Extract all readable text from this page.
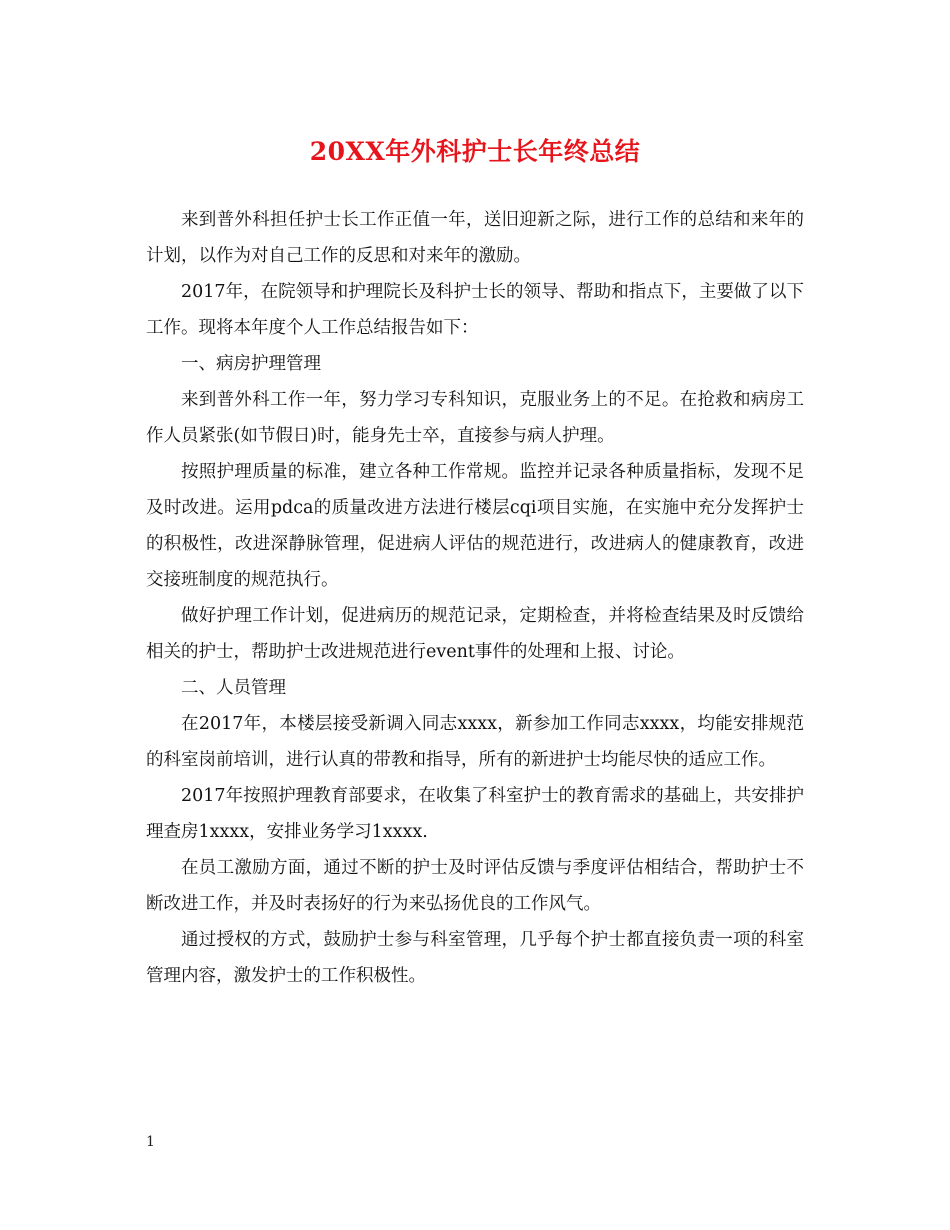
20XX年外科护士长年终总结

来到普外科担任护士长工作正值一年，送旧迎新之际，进行工作的总结和来年的计划，以作为对自己工作的反思和对来年的激励。

2017年，在院领导和护理院长及科护士长的领导、帮助和指点下，主要做了以下工作。现将本年度个人工作总结报告如下：

一、病房护理管理

来到普外科工作一年，努力学习专科知识，克服业务上的不足。在抢救和病房工作人员紧张(如节假日)时，能身先士卒，直接参与病人护理。

按照护理质量的标准，建立各种工作常规。监控并记录各种质量指标，发现不足及时改进。运用pdca的质量改进方法进行楼层cqi项目实施，在实施中充分发挥护士的积极性，改进深静脉管理，促进病人评估的规范进行，改进病人的健康教育，改进交接班制度的规范执行。

做好护理工作计划，促进病历的规范记录，定期检查，并将检查结果及时反馈给相关的护士，帮助护士改进规范进行event事件的处理和上报、讨论。

二、人员管理

在2017年，本楼层接受新调入同志xxxx，新参加工作同志xxxx，均能安排规范的科室岗前培训，进行认真的带教和指导，所有的新进护士均能尽快的适应工作。

2017年按照护理教育部要求，在收集了科室护士的教育需求的基础上，共安排护理查房1xxxx，安排业务学习1xxxx.

在员工激励方面，通过不断的护士及时评估反馈与季度评估相结合，帮助护士不断改进工作，并及时表扬好的行为来弘扬优良的工作风气。

通过授权的方式，鼓励护士参与科室管理，几乎每个护士都直接负责一项的科室管理内容，激发护士的工作积极性。

1
